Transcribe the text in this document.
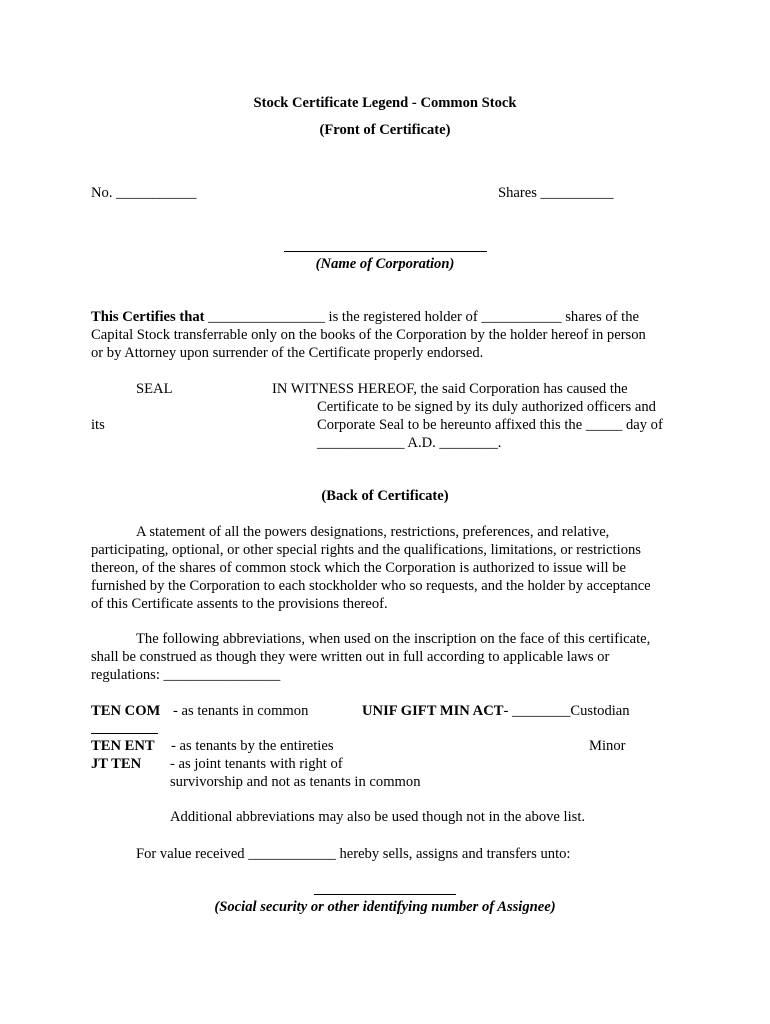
Stock Certificate Legend - Common Stock
(Front of Certificate)
No. ___________	Shares __________
(Name of Corporation)
This Certifies that ________________ is the registered holder of ___________ shares of the
Capital Stock transferrable only on the books of the Corporation by the holder hereof in person
or by Attorney upon surrender of the Certificate properly endorsed.
SEAL	IN WITNESS HEREOF, the said Corporation has caused the
Certificate to be signed by its duly authorized officers and
its	Corporate Seal to be hereunto affixed this the _____ day of
____________ A.D. ________.
(Back of Certificate)
A statement of all the powers designations, restrictions, preferences, and relative,
participating, optional, or other special rights and the qualifications, limitations, or restrictions
thereon, of the shares of common stock which the Corporation is authorized to issue will be
furnished by the Corporation to each stockholder who so requests, and the holder by acceptance
of this Certificate assents to the provisions thereof.
The following abbreviations, when used on the inscription on the face of this certificate,
shall be construed as though they were written out in full according to applicable laws or
regulations: ________________
TEN COM - as tenants in common	UNIF GIFT MIN ACT- ________Custodian
TEN ENT - as tenants by the entireties	Minor
JT TEN - as joint tenants with right of
survivorship and not as tenants in common
Additional abbreviations may also be used though not in the above list.
For value received ____________ hereby sells, assigns and transfers unto:
(Social security or other identifying number of Assignee)
